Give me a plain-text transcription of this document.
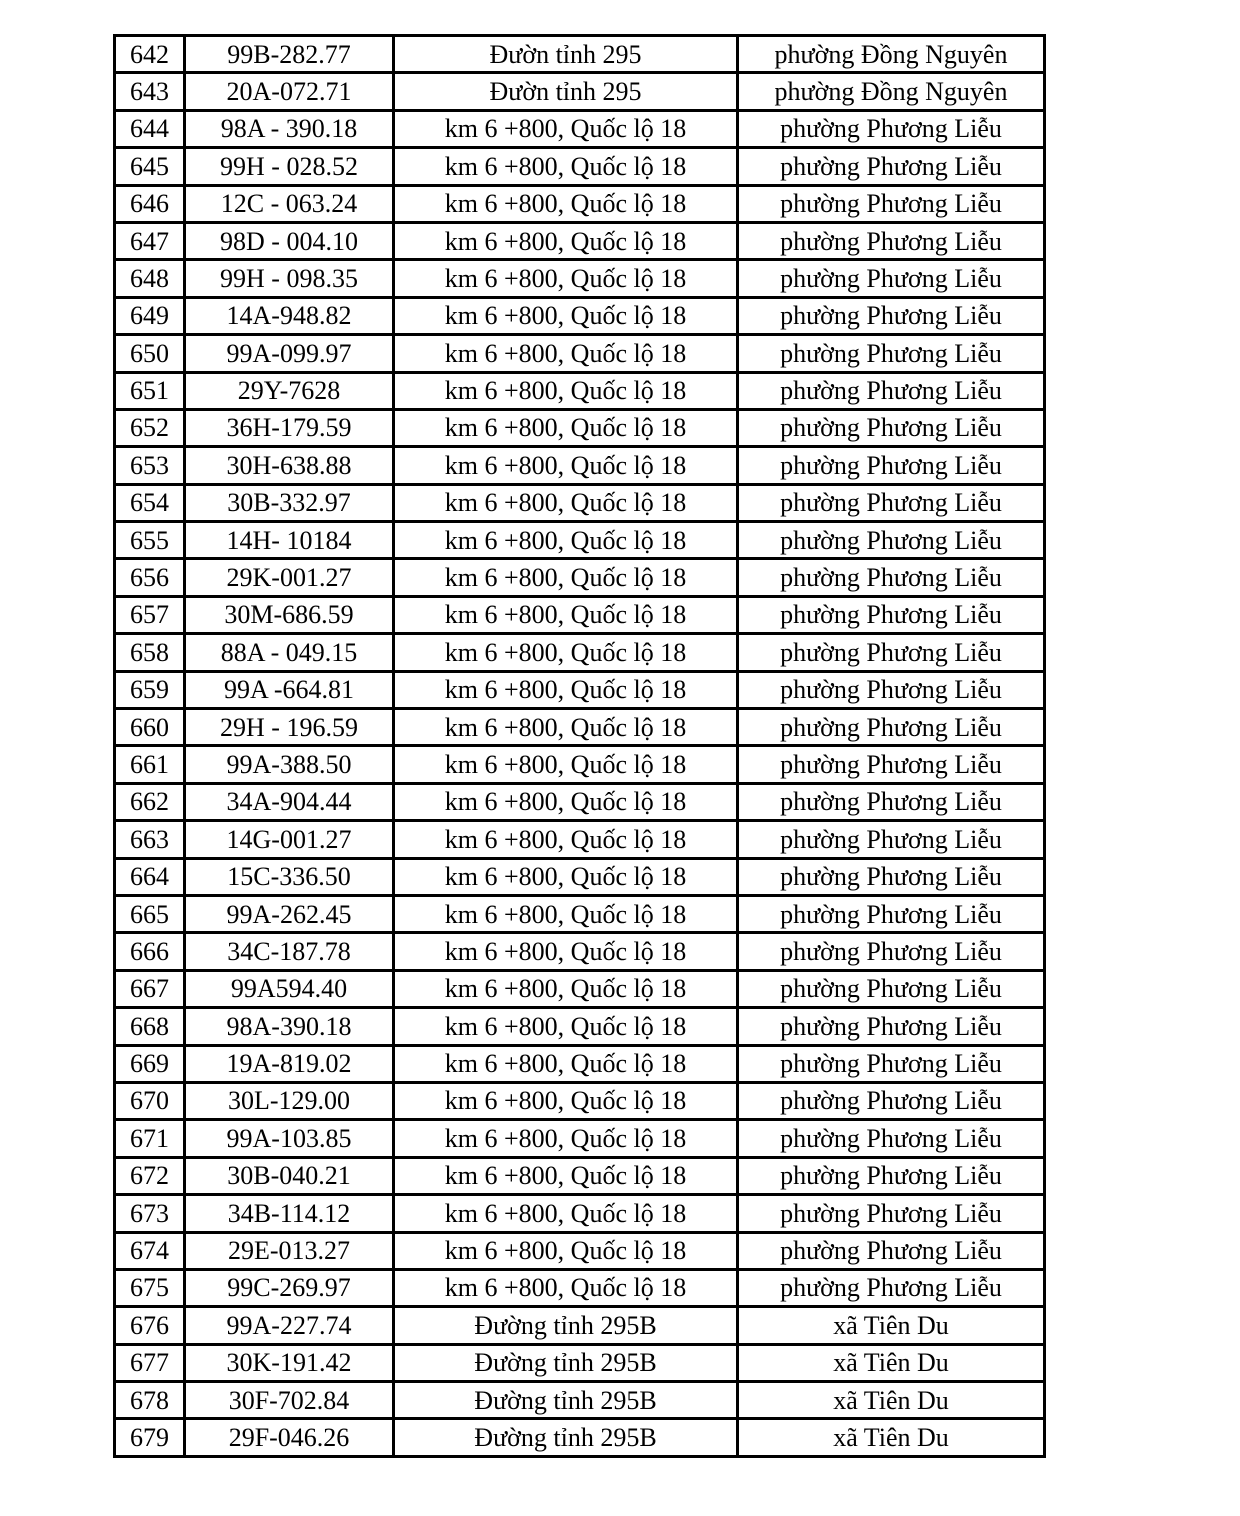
642	99B-282.77	Đườn tỉnh 295	phường Đồng Nguyên
643	20A-072.71	Đườn tỉnh 295	phường Đồng Nguyên
644	98A - 390.18	km 6 +800, Quốc lộ 18	phường Phương Liễu
645	99H - 028.52	km 6 +800, Quốc lộ 18	phường Phương Liễu
646	12C - 063.24	km 6 +800, Quốc lộ 18	phường Phương Liễu
647	98D - 004.10	km 6 +800, Quốc lộ 18	phường Phương Liễu
648	99H - 098.35	km 6 +800, Quốc lộ 18	phường Phương Liễu
649	14A-948.82	km 6 +800, Quốc lộ 18	phường Phương Liễu
650	99A-099.97	km 6 +800, Quốc lộ 18	phường Phương Liễu
651	29Y-7628	km 6 +800, Quốc lộ 18	phường Phương Liễu
652	36H-179.59	km 6 +800, Quốc lộ 18	phường Phương Liễu
653	30H-638.88	km 6 +800, Quốc lộ 18	phường Phương Liễu
654	30B-332.97	km 6 +800, Quốc lộ 18	phường Phương Liễu
655	14H- 10184	km 6 +800, Quốc lộ 18	phường Phương Liễu
656	29K-001.27	km 6 +800, Quốc lộ 18	phường Phương Liễu
657	30M-686.59	km 6 +800, Quốc lộ 18	phường Phương Liễu
658	88A - 049.15	km 6 +800, Quốc lộ 18	phường Phương Liễu
659	99A -664.81	km 6 +800, Quốc lộ 18	phường Phương Liễu
660	29H - 196.59	km 6 +800, Quốc lộ 18	phường Phương Liễu
661	99A-388.50	km 6 +800, Quốc lộ 18	phường Phương Liễu
662	34A-904.44	km 6 +800, Quốc lộ 18	phường Phương Liễu
663	14G-001.27	km 6 +800, Quốc lộ 18	phường Phương Liễu
664	15C-336.50	km 6 +800, Quốc lộ 18	phường Phương Liễu
665	99A-262.45	km 6 +800, Quốc lộ 18	phường Phương Liễu
666	34C-187.78	km 6 +800, Quốc lộ 18	phường Phương Liễu
667	99A594.40	km 6 +800, Quốc lộ 18	phường Phương Liễu
668	98A-390.18	km 6 +800, Quốc lộ 18	phường Phương Liễu
669	19A-819.02	km 6 +800, Quốc lộ 18	phường Phương Liễu
670	30L-129.00	km 6 +800, Quốc lộ 18	phường Phương Liễu
671	99A-103.85	km 6 +800, Quốc lộ 18	phường Phương Liễu
672	30B-040.21	km 6 +800, Quốc lộ 18	phường Phương Liễu
673	34B-114.12	km 6 +800, Quốc lộ 18	phường Phương Liễu
674	29E-013.27	km 6 +800, Quốc lộ 18	phường Phương Liễu
675	99C-269.97	km 6 +800, Quốc lộ 18	phường Phương Liễu
676	99A-227.74	Đường tỉnh 295B	xã Tiên Du
677	30K-191.42	Đường tỉnh 295B	xã Tiên Du
678	30F-702.84	Đường tỉnh 295B	xã Tiên Du
679	29F-046.26	Đường tỉnh 295B	xã Tiên Du
